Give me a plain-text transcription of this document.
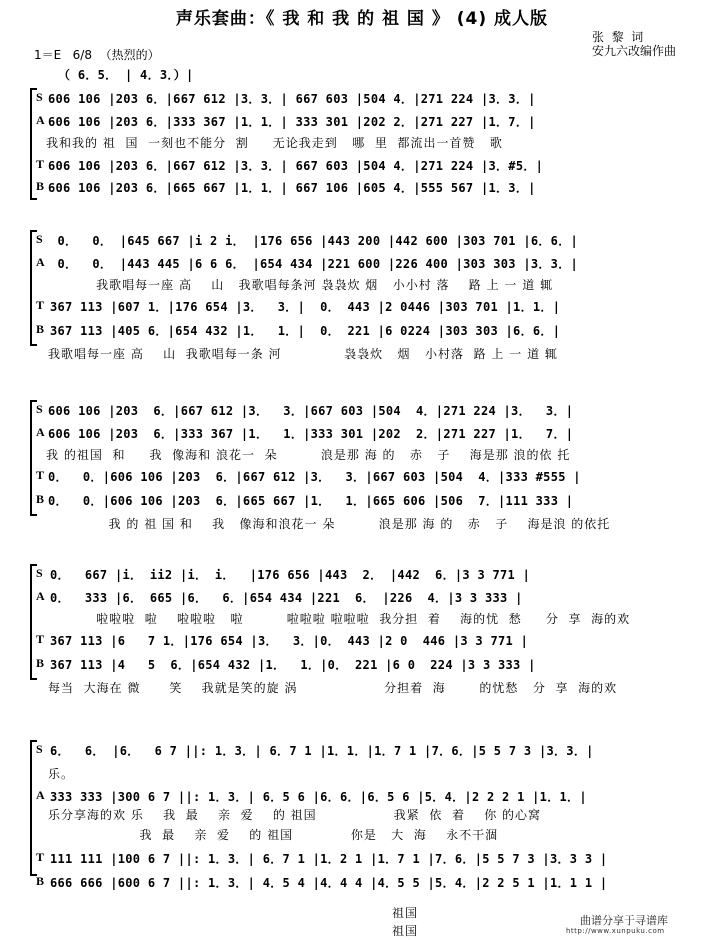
声乐套曲：《 我 和 我 的 祖 国 》 (4) 成人版
张  黎  词
安九六改编作曲
1＝E   6/8  （热烈的）
（ 6．5． | 4．3．）|
S 606 106 |203 6．|667 612 |3．3．| 667 603 |504 4．|271 224 |3．3．|
A 606 106 |203 6．|333 367 |1．1．| 333 301 |202 2．|271 227 |1．7．|
我和我的 祖  国  一刻也不能分  割     无论我走到   哪  里  都流出一首赞   歌
T 606 106 |203 6．|667 612 |3．3．| 667 603 |504 4．|271 224 |3．#5．|
B 606 106 |203 6．|665 667 |1．1．| 667 106 |605 4．|555 567 |1．3．|
S 0．  0． |645 667 |i 2 i． |176 656 |443 200 |442 600 |303 701 |6．6．|
A 0．  0． |443 445 |6 6 6． |654 434 |221 600 |226 400 |303 303 |3．3．|
我歌唱每一座 高    山   我歌唱每条河 袅袅炊 烟   小小村 落    路 上 一 道 辄
T 367 113 |607 1．|176 654 |3．  3．|  0． 443 |2 0446 |303 701 |1．1．|
B 367 113 |405 6．|654 432 |1．  1．|  0． 221 |6 0224 |303 303 |6．6．|
我歌唱每一座 高    山  我歌唱每一条 河             袅袅炊   烟   小村落  路 上 一 道 辄
S 606 106 |203  6．|667 612 |3．  3．|667 603 |504  4．|271 224 |3．  3．|
A 606 106 |203  6．|333 367 |1．  1．|333 301 |202  2．|271 227 |1．  7．|
我 的祖国  和     我  像海和 浪花一  朵         浪是那 海 的   赤   子    海是那 浪的依 托
T 0．  0．|606 106 |203  6．|667 612 |3．  3．|667 603 |504  4．|333 #555 |
B 0．  0．|606 106 |203  6．|665 667 |1．  1．|665 606 |506  7．|111 333 |
我 的 祖 国 和    我   像海和浪花一 朵         浪是那 海 的   赤   子    海是浪 的依托
S 0．  667 |i． ii2 |i． i．  |176 656 |443  2． |442  6．|3 3 771 |
A 0．  333 |6． 665 |6．  6．|654 434 |221  6． |226  4．|3 3 333 |
啦啦啦  啦    啦啦啦   啦         啦啦啦 啦啦啦  我分担  着    海的忧  愁     分  享  海的欢
T 367 113 |6   7 1．|176 654 |3．  3．|0． 443 |2 0  446 |3 3 771 |
B 367 113 |4   5  6．|654 432 |1．  1．|0． 221 |6 0  224 |3 3 333 |
每当  大海在 微      笑    我就是笑的旋 涡                  分担着  海       的忧愁   分  享  海的欢
S 6．  6． |6．  6 7 ||: 1．3．| 6．7 1 |1．1．|1．7 1 |7．6．|5 5 7 3 |3．3．|
乐。
A 333 333 |300 6 7 ||: 1．3．| 6．5 6 |6．6．|6．5 6 |5．4．|2 2 2 1 |1．1．|
乐分享海的欢 乐    我  最    亲  爱    的 祖国                我紧  依  着    你 的心窝
我  最    亲  爱    的 祖国            你是   大  海    永不干涸
T 111 111 |100 6 7 ||: 1．3．| 6．7 1 |1．2 1 |1．7 1 |7．6．|5 5 7 3 |3．3 3 |
B 666 666 |600 6 7 ||: 1．3．| 4．5 4 |4．4 4 |4．5 5 |5．4．|2 2 5 1 |1．1 1 |
祖国
祖国
曲谱分享于寻谱库
http://www.xunpuku.com
